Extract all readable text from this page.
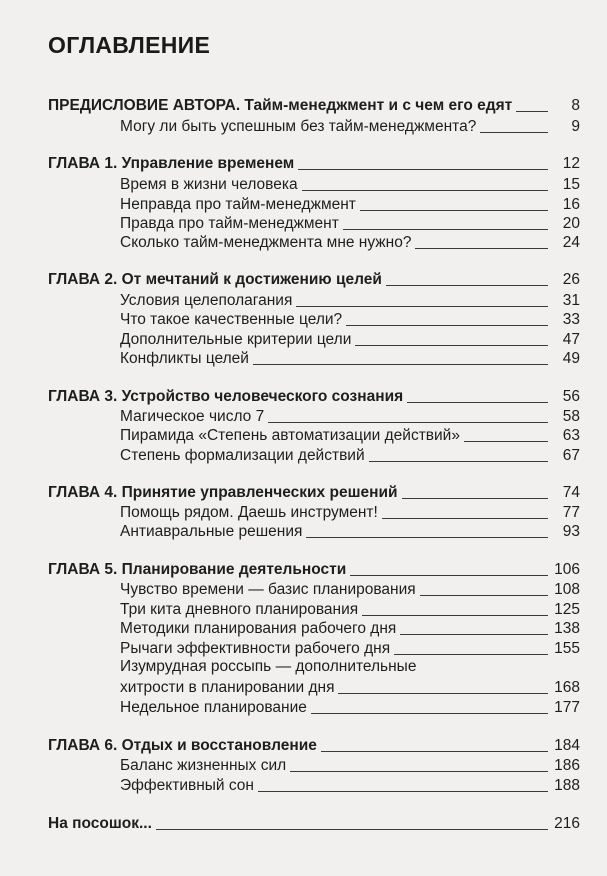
ОГЛАВЛЕНИЕ
ПРЕДИСЛОВИЕ АВТОРА. Тайм-менеджмент и с чем его едят	8
Могу ли быть успешным без тайм-менеджмента?	9
ГЛАВА 1. Управление временем	12
Время в жизни человека	15
Неправда про тайм-менеджмент	16
Правда про тайм-менеджмент	20
Сколько тайм-менеджмента мне нужно?	24
ГЛАВА 2. От мечтаний к достижению целей	26
Условия целеполагания	31
Что такое качественные цели?	33
Дополнительные критерии цели	47
Конфликты целей	49
ГЛАВА 3. Устройство человеческого сознания	56
Магическое число 7	58
Пирамида «Степень автоматизации действий»	63
Степень формализации действий	67
ГЛАВА 4. Принятие управленческих решений	74
Помощь рядом. Даешь инструмент!	77
Антиавральные решения	93
ГЛАВА 5. Планирование деятельности	106
Чувство времени — базис планирования	108
Три кита дневного планирования	125
Методики планирования рабочего дня	138
Рычаги эффективности рабочего дня	155
Изумрудная россыпь — дополнительные
хитрости в планировании дня	168
Недельное планирование	177
ГЛАВА 6. Отдых и восстановление	184
Баланс жизненных сил	186
Эффективный сон	188
На посошок...	216
